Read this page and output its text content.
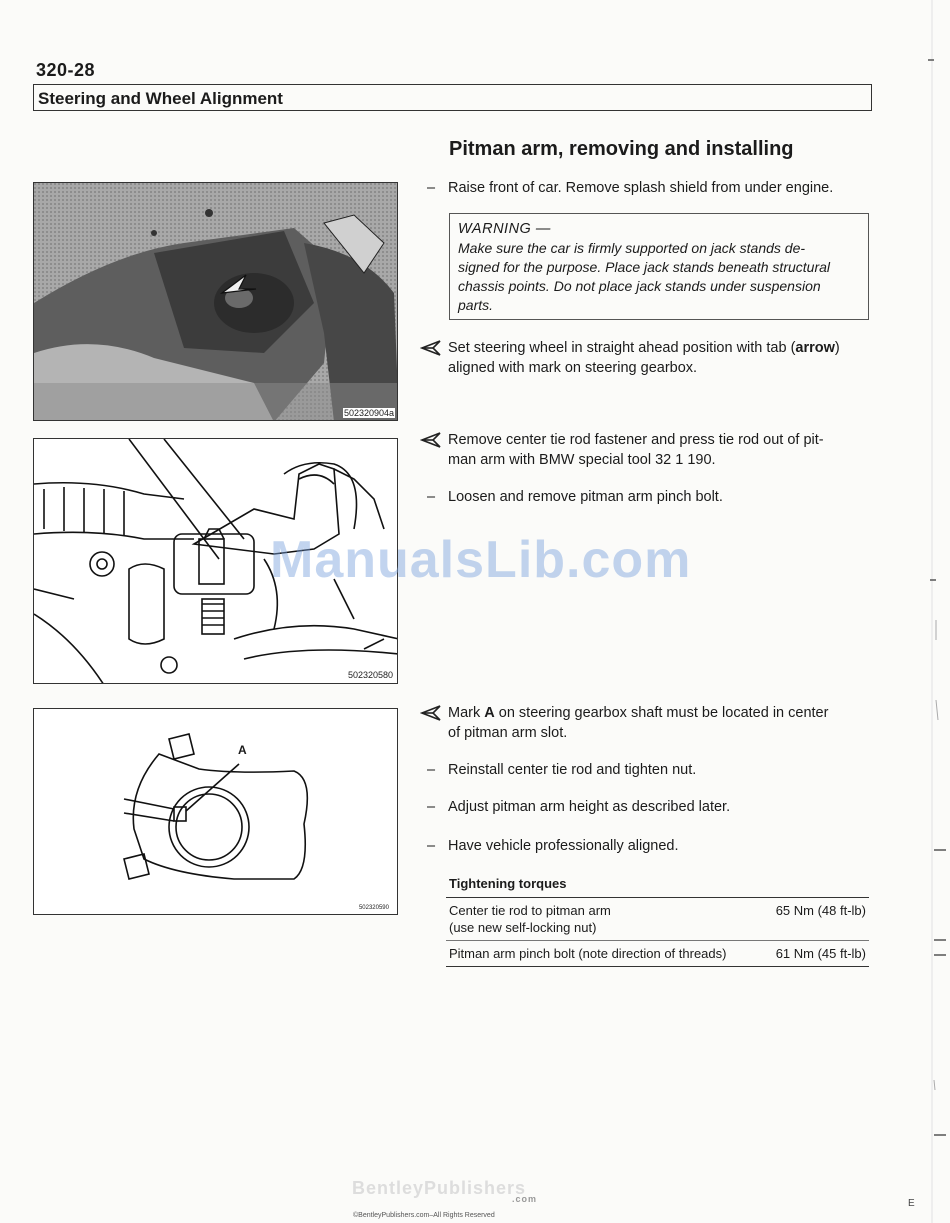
320-28
Steering and Wheel Alignment
Pitman arm, removing and installing
– Raise front of car. Remove splash shield from under engine.
WARNING —
Make sure the car is firmly supported on jack stands de-
signed for the purpose. Place jack stands beneath structural
chassis points. Do not place jack stands under suspension
parts.
Set steering wheel in straight ahead position with tab (arrow)
aligned with mark on steering gearbox.
Remove center tie rod fastener and press tie rod out of pit-
man arm with BMW special tool 32 1 190.
– Loosen and remove pitman arm pinch bolt.
Mark A on steering gearbox shaft must be located in center
of pitman arm slot.
– Reinstall center tie rod and tighten nut.
– Adjust pitman arm height as described later.
– Have vehicle professionally aligned.
Tightening torques
Center tie rod to pitman arm
(use new self-locking nut)
65 Nm (48 ft-lb)
Pitman arm pinch bolt (note direction of threads)	61 Nm (45 ft-lb)
502320904a
502320580
A
502320590
ManualsLib.com
BentleyPublishers
.com
©BentleyPublishers.com–All Rights Reserved
E
